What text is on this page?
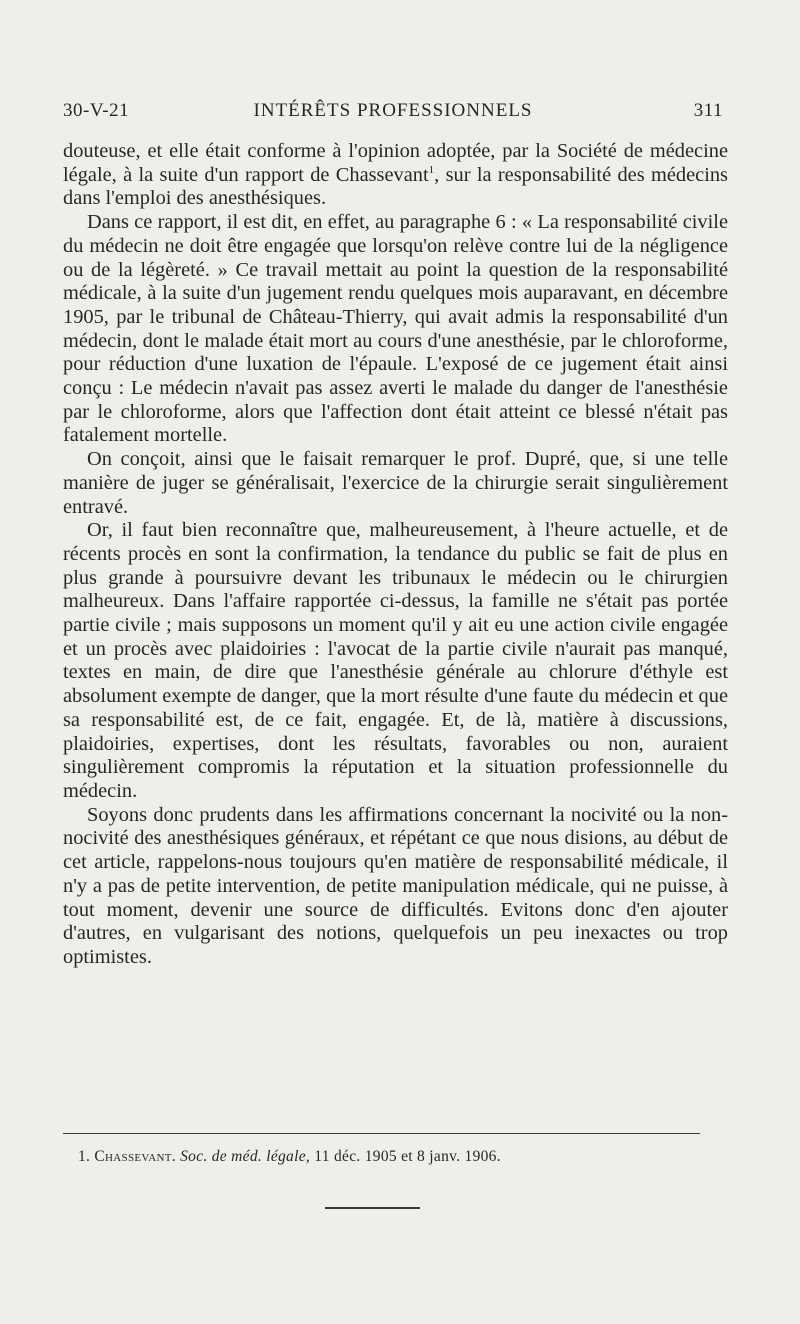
30-V-21	INTÉRÊTS PROFESSIONNELS	311

douteuse, et elle était conforme à l'opinion adoptée, par la Société de médecine légale, à la suite d'un rapport de Chassevant$^1$, sur la responsabilité des médecins dans l'emploi des anesthésiques.

Dans ce rapport, il est dit, en effet, au paragraphe 6 : « La responsabilité civile du médecin ne doit être engagée que lorsqu'on relève contre lui de la négligence ou de la légèreté. » Ce travail mettait au point la question de la responsabilité médicale, à la suite d'un jugement rendu quelques mois auparavant, en décembre 1905, par le tribunal de Château-Thierry, qui avait admis la responsabilité d'un médecin, dont le malade était mort au cours d'une anesthésie, par le chloroforme, pour réduction d'une luxation de l'épaule. L'exposé de ce jugement était ainsi conçu : Le médecin n'avait pas assez averti le malade du danger de l'anesthésie par le chloroforme, alors que l'affection dont était atteint ce blessé n'était pas fatalement mortelle.

On conçoit, ainsi que le faisait remarquer le prof. Dupré, que, si une telle manière de juger se généralisait, l'exercice de la chirurgie serait singulièrement entravé.

Or, il faut bien reconnaître que, malheureusement, à l'heure actuelle, et de récents procès en sont la confirmation, la tendance du public se fait de plus en plus grande à poursuivre devant les tribunaux le médecin ou le chirurgien malheureux. Dans l'affaire rapportée ci-dessus, la famille ne s'était pas portée partie civile ; mais supposons un moment qu'il y ait eu une action civile engagée et un procès avec plaidoiries : l'avocat de la partie civile n'aurait pas manqué, textes en main, de dire que l'anesthésie générale au chlorure d'éthyle est absolument exempte de danger, que la mort résulte d'une faute du médecin et que sa responsabilité est, de ce fait, engagée. Et, de là, matière à discussions, plaidoiries, expertises, dont les résultats, favorables ou non, auraient singulièrement compromis la réputation et la situation professionnelle du médecin.

Soyons donc prudents dans les affirmations concernant la nocivité ou la non-nocivité des anesthésiques généraux, et répétant ce que nous disions, au début de cet article, rappelons-nous toujours qu'en matière de responsabilité médicale, il n'y a pas de petite intervention, de petite manipulation médicale, qui ne puisse, à tout moment, devenir une source de difficultés. Evitons donc d'en ajouter d'autres, en vulgarisant des notions, quelquefois un peu inexactes ou trop optimistes.

1. Chassevant. Soc. de méd. légale, 11 déc. 1905 et 8 janv. 1906.
